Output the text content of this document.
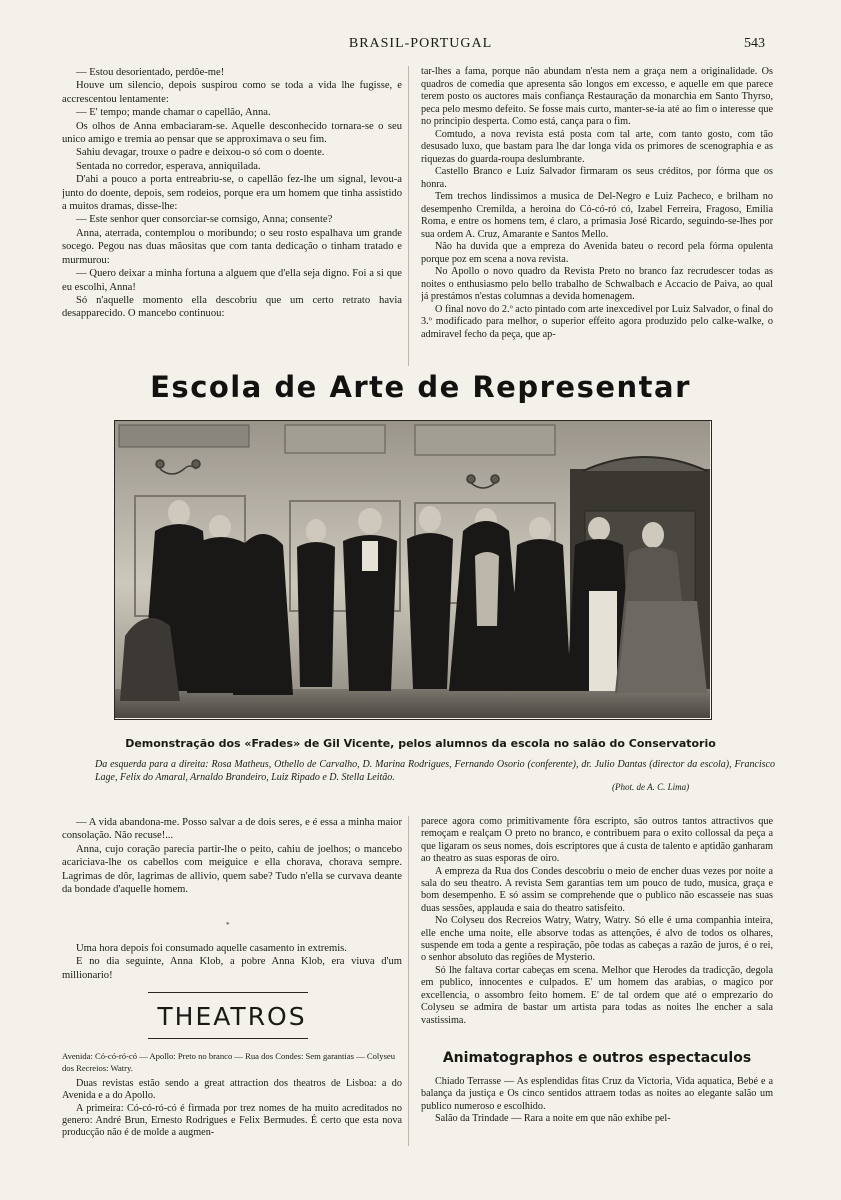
BRASIL-PORTUGAL	543

— Estou desorientado, perdôe-me!

Houve um silencio, depois suspirou como se toda a vida lhe fugisse, e accrescentou lentamente:

— E' tempo; mande chamar o capellão, Anna.

Os olhos de Anna embaciaram-se. Aquelle desconhecido tornara-se o seu unico amigo e tremia ao pensar que se approximava o seu fim.

Sahiu devagar, trouxe o padre e deixou-o só com o doente.

Sentada no corredor, esperava, anniquilada.

D'ahi a pouco a porta entreabriu-se, o capellão fez-lhe um signal, levou-a junto do doente, depois, sem rodeios, porque era um homem que tinha assistido a muitos dramas, disse-lhe:

— Este senhor quer consorciar-se comsigo, Anna; consente?

Anna, aterrada, contemplou o moribundo; o seu rosto espalhava um grande socego. Pegou nas duas mãositas que com tanta dedicação o tinham tratado e murmurou:

— Quero deixar a minha fortuna a alguem que d'ella seja digno. Foi a si que eu escolhi, Anna!

Só n'aquelle momento ella descobriu que um certo retrato havia desapparecido. O mancebo continuou:

tar-lhes a fama, porque não abundam n'esta nem a graça nem a originalidade. Os quadros de comedia que apresenta são longos em excesso, e aquelle em que parece terem posto os auctores mais confiança Restauração da monarchia em Santo Thyrso, peca pelo mesmo defeito. Se fosse mais curto, manter-se-ia até ao fim o interesse que no principio desperta. Como está, cança para o fim.

Comtudo, a nova revista está posta com tal arte, com tanto gosto, com tão desusado luxo, que bastam para lhe dar longa vida os primores de scenographia e as riquezas do guarda-roupa deslumbrante.

Castello Branco e Luiz Salvador firmaram os seus créditos, por fórma que os honra.

Tem trechos lindissimos a musica de Del-Negro e Luiz Pacheco, e brilham no desempenho Cremilda, a heroina do Có-có-ró có, Izabel Ferreira, Fragoso, Emilia Roma, e entre os homens tem, é claro, a primasia José Ricardo, seguindo-se-lhes por sua ordem A. Cruz, Amarante e Santos Mello.

Não ha duvida que a empreza do Avenida bateu o record pela fórma opulenta porque poz em scena a nova revista.

No Apollo o novo quadro da Revista Preto no branco faz recrudescer todas as noites o enthusiasmo pelo bello trabalho de Schwalbach e Accacio de Paiva, ao qual já prestámos n'estas columnas a devida homenagem.

O final novo do 2.º acto pintado com arte inexcedivel por Luiz Salvador, o final do 3.º modificado para melhor, o superior effeito agora produzido pelo calke-walke, o admiravel fecho da peça, que ap-

Escola de Arte de Representar
Demonstração dos «Frades» de Gil Vicente, pelos alumnos da escola no salão do Conservatorio
Da esquerda para a direita: Rosa Matheus, Othello de Carvalho, D. Marina Rodrigues, Fernando Osorio (conferente), dr. Julio Dantas (director da escola), Francisco Lage, Felix do Amaral, Arnaldo Brandeiro, Luiz Ripado e D. Stella Leitão.
(Phot. de A. C. Lima)

— A vida abandona-me. Posso salvar a de dois seres, e é essa a minha maior consolação. Não recuse!...

Anna, cujo coração parecia partir-lhe o peito, cahiu de joelhos; o mancebo acariciava-lhe os cabellos com meiguice e ella chorava, chorava sempre. Lagrimas de dôr, lagrimas de allivio, quem sabe? Tudo n'ella se curvava deante da bondade d'aquelle homem.

*

Uma hora depois foi consumado aquelle casamento in extremis.

E no dia seguinte, Anna Klob, a pobre Anna Klob, era viuva d'um millionario!

THEATROS
Avenida: Có-có-ró-có — Apollo: Preto no branco — Rua dos Condes: Sem garantias — Colyseu dos Recreios: Watry.

Duas revistas estão sendo a great attraction dos theatros de Lisboa: a do Avenida e a do Apollo.

A primeira: Có-có-ró-có é firmada por trez nomes de ha muito acreditados no genero: André Brun, Ernesto Rodrigues e Felix Bermudes. É certo que esta nova producção não é de molde a augmen-

parece agora como primitivamente fôra escripto, são outros tantos attractivos que remoçam e realçam O preto no branco, e contribuem para o exito collossal da peça a que ligaram os seus nomes, dois escriptores que á custa de talento e aptidão ganharam ao theatro as suas esporas de oiro.

A empreza da Rua dos Condes descobriu o meio de encher duas vezes por noite a sala do seu theatro. A revista Sem garantias tem um pouco de tudo, musica, graça e bom desempenho. E só assim se comprehende que o publico não escasseie nas suas duas sessões, applauda e saia do theatro satisfeito.

No Colyseu dos Recreios Watry, Watry, Watry. Só elle é uma companhia inteira, elle enche uma noite, elle absorve todas as attenções, é alvo de todos os olhares, suspende em toda a gente a respiração, põe todas as cabeças a razão de juros, é o rei, o senhor absoluto das regiões de Mysterio.

Só lhe faltava cortar cabeças em scena. Melhor que Herodes da tradicção, degola em publico, innocentes e culpados. E' um homem das arabias, o magico por excellencia, o assombro feito homem. E' de tal ordem que até o emprezario do Colyseu se admira de bastar um artista para todas as noites lhe encher a sala vastissima.

Animatographos e outros espectaculos

Chiado Terrasse — As esplendidas fitas Cruz da Victoria, Vida aquatica, Bebé e a balança da justiça e Os cinco sentidos attraem todas as noites ao elegante salão um publico numeroso e escolhido.

Salão da Trindade — Rara a noite em que não exhibe pel-
